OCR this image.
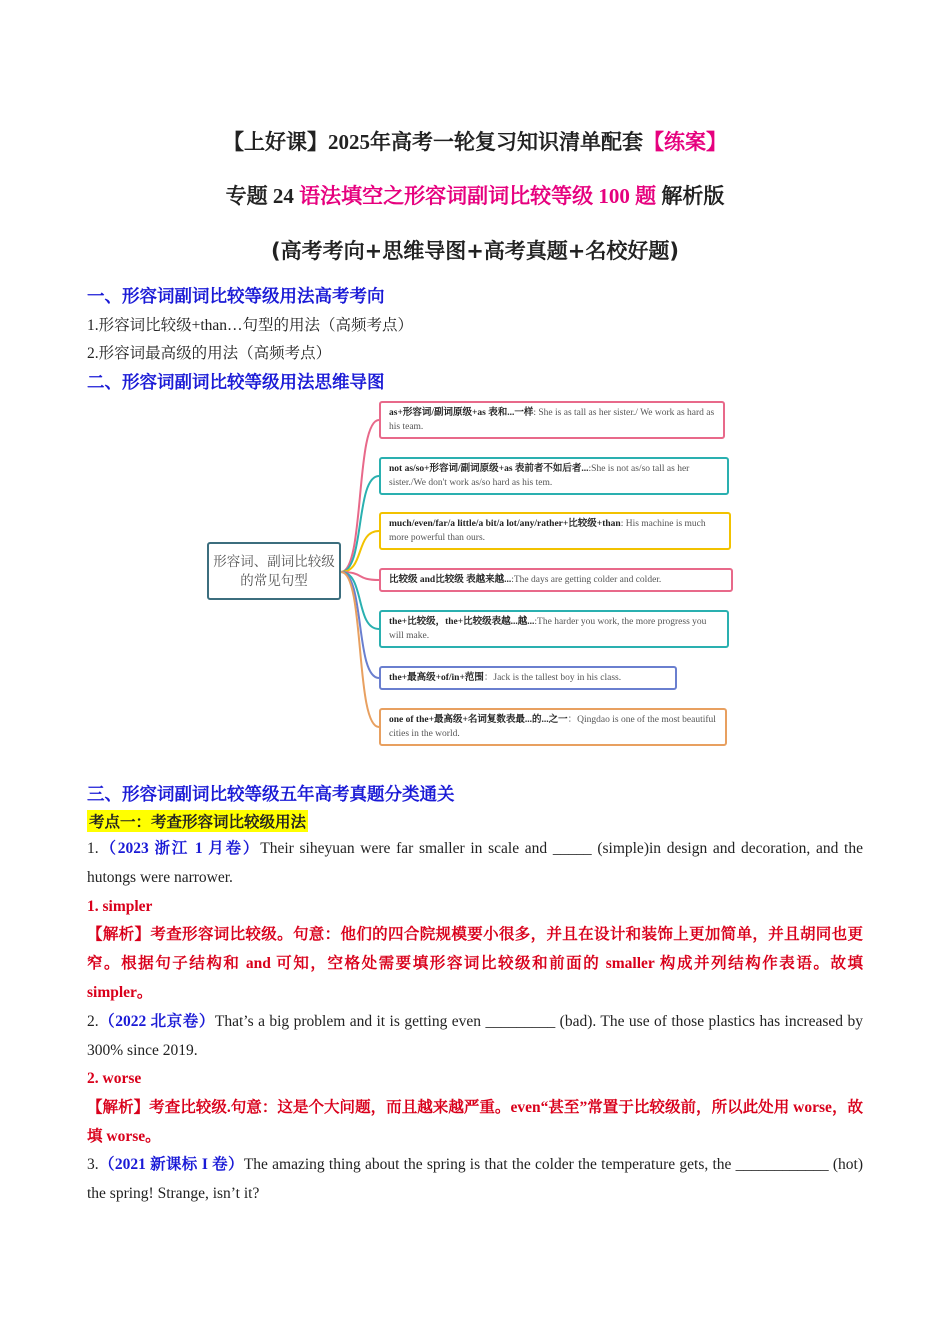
【上好课】2025年高考一轮复习知识清单配套【练案】
专题 24 语法填空之形容词副词比较等级 100 题 解析版
(高考考向+思维导图+高考真题+名校好题)
一、形容词副词比较等级用法高考考向
1.形容词比较级+than…句型的用法（高频考点）
2.形容词最高级的用法（高频考点）
二、形容词副词比较等级用法思维导图
形容词、副词比较级的常见句型
as+形容词/副词原级+as 表和...一样: She is as tall as her sister./ We work as hard as his team.
not as/so+形容词/副词原级+as 表前者不如后者...:She is not as/so tall as her sister./We don't work as/so hard as his tem.
much/even/far/a little/a bit/a lot/any/rather+比较级+than: His machine is much more powerful than ours.
比较级 and比较级 表越来越...:The days are getting colder and colder.
the+比较级，the+比较级表越...越...:The harder you work, the more progress you will make.
the+最高级+of/in+范围：Jack is the tallest boy in his class.
one of the+最高级+名词复数表最...的...之一：Qingdao is one of the most beautiful cities in the world.
三、形容词副词比较等级五年高考真题分类通关
考点一：考查形容词比较级用法
1.（2023 浙江 1 月卷）Their siheyuan were far smaller in scale and _____ (simple)in design and decoration, and the hutongs were narrower.
1. simpler
【解析】考查形容词比较级。句意：他们的四合院规模要小很多，并且在设计和装饰上更加简单，并且胡同也更窄。根据句子结构和 and 可知，空格处需要填形容词比较级和前面的 smaller 构成并列结构作表语。故填 simpler。
2.（2022 北京卷）That’s a big problem and it is getting even _________ (bad). The use of those plastics has increased by 300% since 2019.
2. worse
【解析】考查比较级.句意：这是个大问题，而且越来越严重。even“甚至”常置于比较级前，所以此处用 worse，故填 worse。
3.（2021 新课标 I 卷）The amazing thing about the spring is that the colder the temperature gets, the ____________ (hot) the spring! Strange, isn’t it?
